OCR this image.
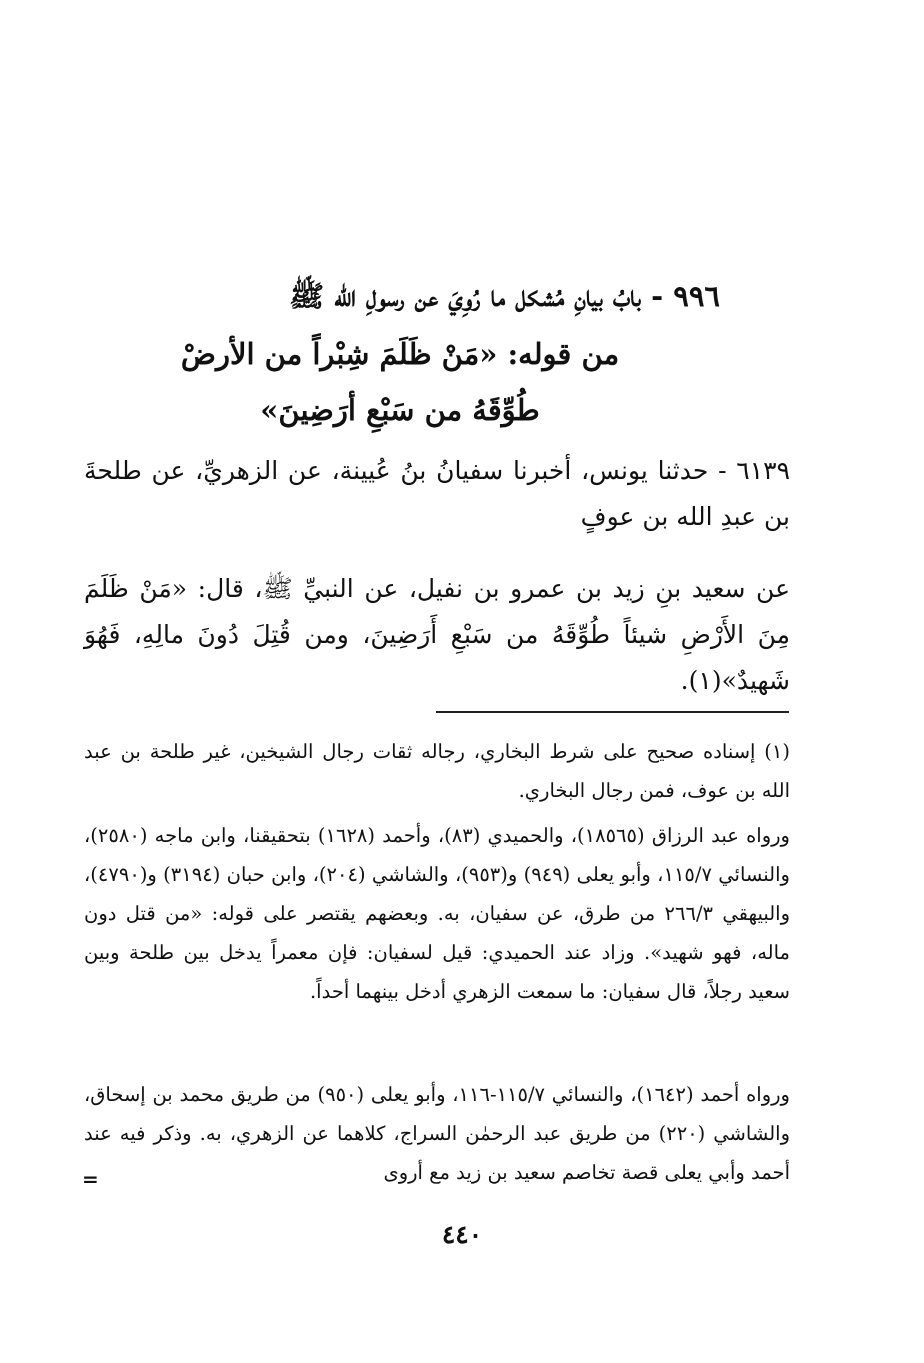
٩٩٦ - بابُ بيانِ مُشكل ما رُوِيَ عن رسولِ الله ﷺ
من قوله: «مَنْ ظَلَمَ شِبْراً من الأرضْ
طُوِّقَهُ من سَبْعِ أرَضِينَ»
٦١٣٩ - حدثنا يونس، أخبرنا سفيانُ بنُ عُيينة، عن الزهريِّ، عن طلحةَ بن عبدِ الله بن عوفٍ
عن سعيد بنِ زيد بن عمرو بن نفيل، عن النبيِّ ﷺ، قال: «مَنْ ظَلَمَ مِنَ الأَرْضِ شيئاً طُوِّقَهُ من سَبْعِ أَرَضِينَ، ومن قُتِلَ دُونَ مالِهِ، فَهُوَ شَهيدٌ»(١).
(١) إسناده صحيح على شرط البخاري، رجاله ثقات رجال الشيخين، غير طلحة بن عبد الله بن عوف، فمن رجال البخاري.
ورواه عبد الرزاق (١٨٥٦٥)، والحميدي (٨٣)، وأحمد (١٦٢٨) بتحقيقنا، وابن ماجه (٢٥٨٠)، والنسائي ١١٥/٧، وأبو يعلى (٩٤٩) و(٩٥٣)، والشاشي (٢٠٤)، وابن حبان (٣١٩٤) و(٤٧٩٠)، والبيهقي ٢٦٦/٣ من طرق، عن سفيان، به. وبعضهم يقتصر على قوله: «من قتل دون ماله، فهو شهيد». وزاد عند الحميدي: قيل لسفيان: فإن معمراً يدخل بين طلحة وبين سعيد رجلاً، قال سفيان: ما سمعت الزهري أدخل بينهما أحداً.
ورواه أحمد (١٦٤٢)، والنسائي ١١٥/٧-١١٦، وأبو يعلى (٩٥٠) من طريق محمد بن إسحاق، والشاشي (٢٢٠) من طريق عبد الرحمٰن السراج، كلاهما عن الزهري، به. وذكر فيه عند أحمد وأبي يعلى قصة تخاصم سعيد بن زيد مع أروى
=
٤٤٠
